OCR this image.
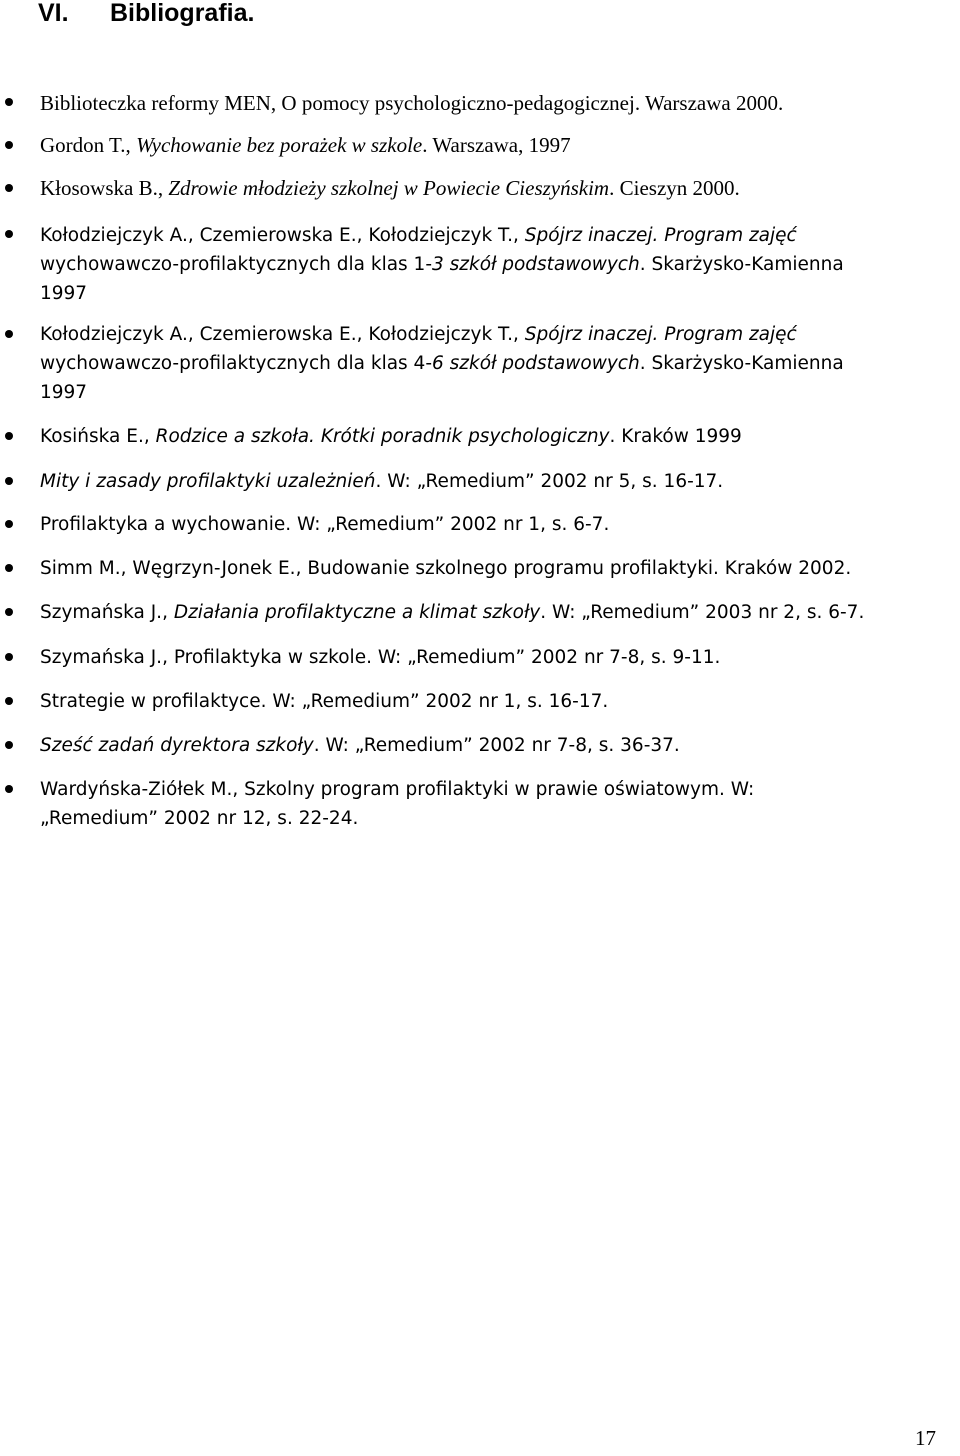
VI. Bibliografia.

Biblioteczka reformy MEN, O pomocy psychologiczno-pedagogicznej. Warszawa 2000.

Gordon T., Wychowanie bez porażek w szkole. Warszawa, 1997

Kłosowska B., Zdrowie młodzieży szkolnej w Powiecie Cieszyńskim. Cieszyn 2000.

Kołodziejczyk A., Czemierowska E., Kołodziejczyk T., Spójrz inaczej. Program zajęć
wychowawczo-profilaktycznych dla klas 1-3 szkół podstawowych. Skarżysko-Kamienna
1997
Kołodziejczyk A., Czemierowska E., Kołodziejczyk T., Spójrz inaczej. Program zajęć
wychowawczo-profilaktycznych dla klas 4-6 szkół podstawowych. Skarżysko-Kamienna
1997

Kosińska E., Rodzice a szkoła. Krótki poradnik psychologiczny. Kraków 1999

Mity i zasady profilaktyki uzależnień. W: „Remedium” 2002 nr 5, s. 16-17.

Profilaktyka a wychowanie. W: „Remedium” 2002 nr 1, s. 6-7.

Simm M., Węgrzyn-Jonek E., Budowanie szkolnego programu profilaktyki. Kraków 2002.

Szymańska J., Działania profilaktyczne a klimat szkoły. W: „Remedium” 2003 nr 2, s. 6-7.

Szymańska J., Profilaktyka w szkole. W: „Remedium” 2002 nr 7-8, s. 9-11.

Strategie w profilaktyce. W: „Remedium” 2002 nr 1, s. 16-17.

Sześć zadań dyrektora szkoły. W: „Remedium” 2002 nr 7-8, s. 36-37.

Wardyńska-Ziółek M., Szkolny program profilaktyki w prawie oświatowym. W:
„Remedium” 2002 nr 12, s. 22-24.

17
